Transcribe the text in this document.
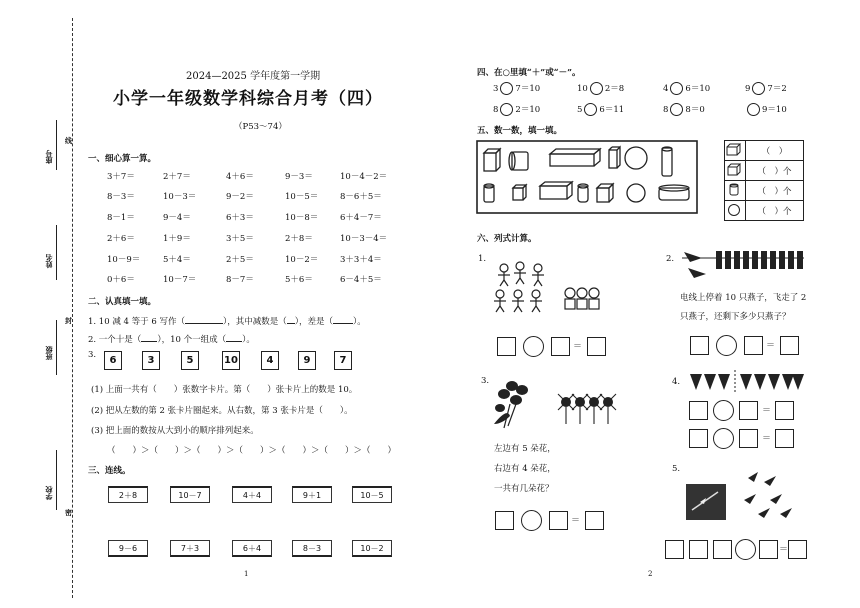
座号
姓名
班级
学校
线
封
密
2024—2025 学年度第一学期
小学一年级数学科综合月考（四）
（P53～74）
一、细心算一算。
3＋7＝	2＋7＝	4＋6＝	9－3＝	10－4－2＝
8－3＝	10－3＝	9－2＝	10－5＝	8－6＋5＝
8－1＝	9－4＝	6＋3＝	10－8＝	6＋4－7＝
2＋6＝	1＋9＝	3＋5＝	2＋8＝	10－3－4＝
10－9＝	5＋4＝	2＋5＝	10－2＝	3＋3＋4＝
0＋6＝	10－7＝	8－7＝	5＋6＝	6－4＋5＝
二、认真填一填。
1. 10 减 4 等于 6 写作（	），其中减数是（ ），差是（ ）。
2. 一个十是（ ），10 个一组成（ ）。
3.	6	3	5	10	4	9	7
(1) 上面一共有（　　）张数字卡片。第（　　）张卡片上的数是 10。
(2) 把从左数的第 2 张卡片圈起来。从右数，第 3 张卡片是（　　）。
(3) 把上面的数按从大到小的顺序排列起来。
（　　）＞（　　）＞（　　）＞（　　）＞（　　）＞（　　）＞（　　）
三、连线。
2＋8	10－7	4＋4	9＋1	10－5
9－6	7＋3	6＋4	8－3	10－2
1
四、在○里填“＋”或“－”。
3 7＝10	10 2＝8	4 6＝10	9 7＝2
8 2＝10	5 6＝11	8 8＝0	9＝10
五、数一数，填一填。
	（　）
	（　）个
	（　）个
	（　）个
六、列式计算。
1.	2.
3.	4.
5.
电线上停着 10 只燕子，飞走了 2
只燕子，还剩下多少只燕子？
左边有 5 朵花，
右边有 4 朵花，
一共有几朵花？
＝	＝
＝
＝
＝
＝
2
